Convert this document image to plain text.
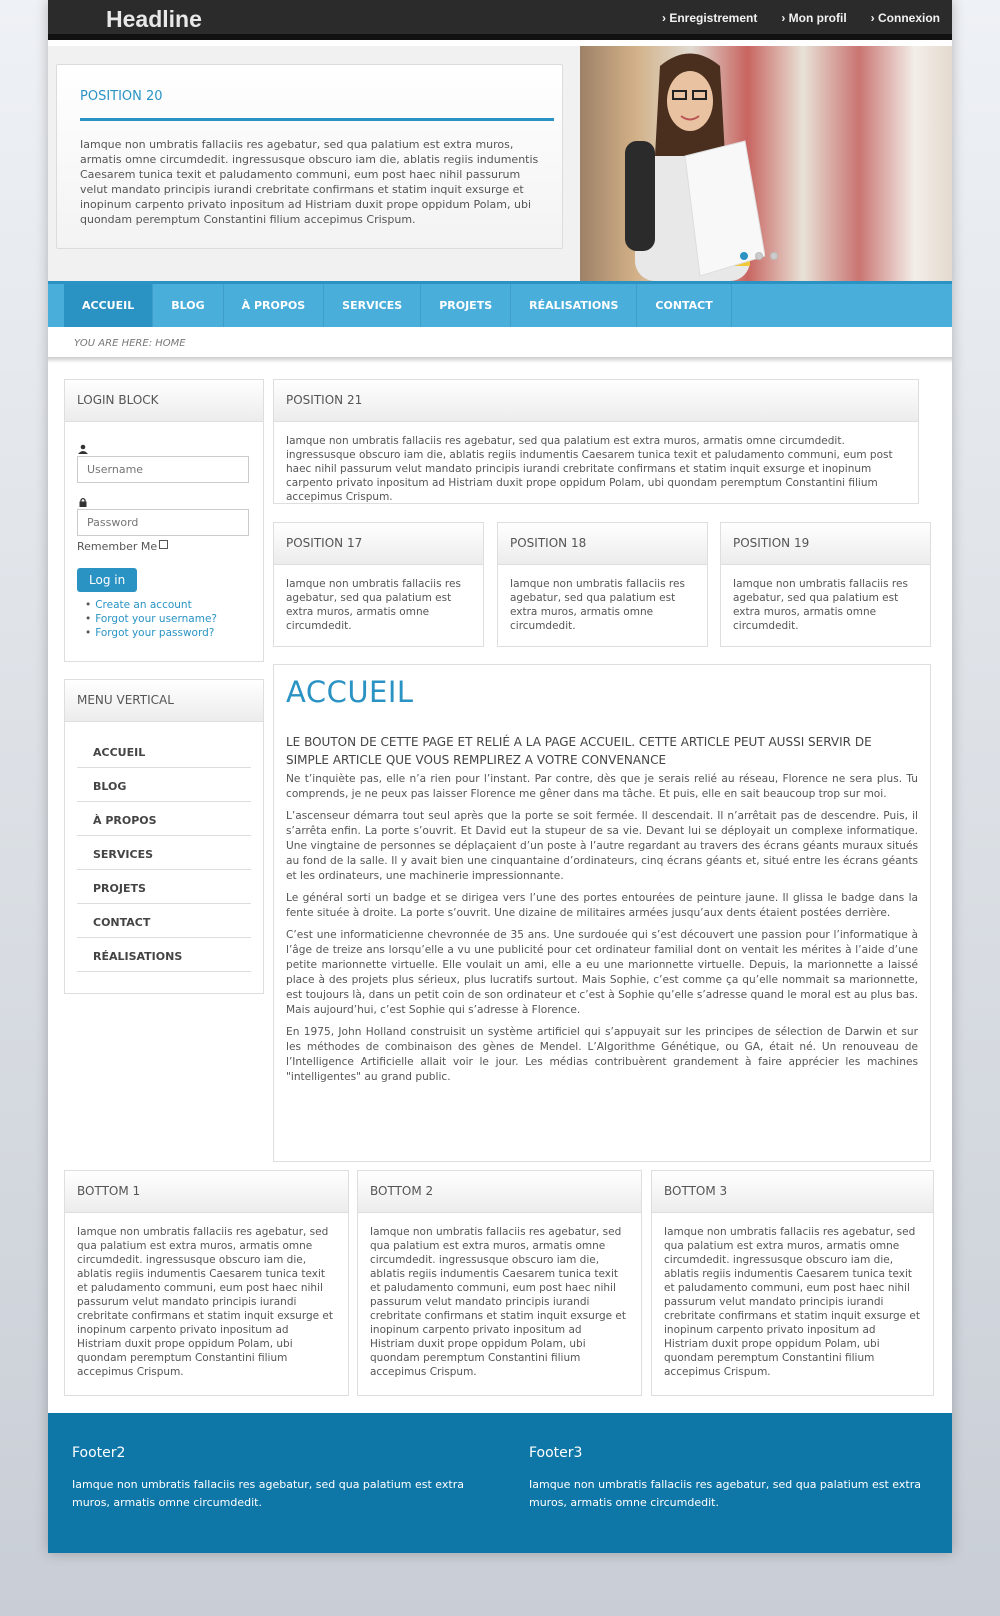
Headline	› Enregistrement › Mon profil › Connexion
POSITION 20

Iamque non umbratis fallaciis res agebatur, sed qua palatium est extra muros, armatis omne circumdedit. ingressusque obscuro iam die, ablatis regiis indumentis Caesarem tunica texit et paludamento communi, eum post haec nihil passurum velut mandato principis iurandi crebritate confirmans et statim inquit exsurge et inopinum carpento privato inpositum ad Histriam duxit prope oppidum Polam, ubi quondam peremptum Constantini filium accepimus Crispum.

ACCUEIL	BLOG	À PROPOS	SERVICES	PROJETS	RÉALISATIONS	CONTACT
YOU ARE HERE: HOME
LOGIN BLOCK
Username
Password
Remember Me
Log in
• Create an account
• Forgot your username?
• Forgot your password?
MENU VERTICAL
ACCUEIL
BLOG
À PROPOS
SERVICES
PROJETS
CONTACT
RÉALISATIONS
POSITION 21
Iamque non umbratis fallaciis res agebatur, sed qua palatium est extra muros, armatis omne circumdedit. ingressusque obscuro iam die, ablatis regiis indumentis Caesarem tunica texit et paludamento communi, eum post haec nihil passurum velut mandato principis iurandi crebritate confirmans et statim inquit exsurge et inopinum carpento privato inpositum ad Histriam duxit prope oppidum Polam, ubi quondam peremptum Constantini filium accepimus Crispum.
POSITION 17
Iamque non umbratis fallaciis res agebatur, sed qua palatium est extra muros, armatis omne circumdedit.
POSITION 18
Iamque non umbratis fallaciis res agebatur, sed qua palatium est extra muros, armatis omne circumdedit.
POSITION 19
Iamque non umbratis fallaciis res agebatur, sed qua palatium est extra muros, armatis omne circumdedit.
ACCUEIL
LE BOUTON DE CETTE PAGE ET RELIÉ A LA PAGE ACCUEIL. CETTE ARTICLE PEUT AUSSI SERVIR DE SIMPLE ARTICLE QUE VOUS REMPLIREZ A VOTRE CONVENANCE

Ne t’inquiète pas, elle n’a rien pour l’instant. Par contre, dès que je serais relié au réseau, Florence ne sera plus. Tu comprends, je ne peux pas laisser Florence me gêner dans ma tâche. Et puis, elle en sait beaucoup trop sur moi.

L’ascenseur démarra tout seul après que la porte se soit fermée. Il descendait. Il n’arrêtait pas de descendre. Puis, il s’arrêta enfin. La porte s’ouvrit. Et David eut la stupeur de sa vie. Devant lui se déployait un complexe informatique. Une vingtaine de personnes se déplaçaient d’un poste à l’autre regardant au travers des écrans géants muraux situés au fond de la salle. Il y avait bien une cinquantaine d’ordinateurs, cinq écrans géants et, situé entre les écrans géants et les ordinateurs, une machinerie impressionnante.

Le général sorti un badge et se dirigea vers l’une des portes entourées de peinture jaune. Il glissa le badge dans la fente située à droite. La porte s’ouvrit. Une dizaine de militaires armées jusqu’aux dents étaient postées derrière.

C’est une informaticienne chevronnée de 35 ans. Une surdouée qui s’est découvert une passion pour l’informatique à l’âge de treize ans lorsqu’elle a vu une publicité pour cet ordinateur familial dont on ventait les mérites à l’aide d’une petite marionnette virtuelle. Elle voulait un ami, elle a eu une marionnette virtuelle. Depuis, la marionnette a laissé place à des projets plus sérieux, plus lucratifs surtout. Mais Sophie, c’est comme ça qu’elle nommait sa marionnette, est toujours là, dans un petit coin de son ordinateur et c’est à Sophie qu’elle s’adresse quand le moral est au plus bas. Mais aujourd’hui, c’est Sophie qui s’adresse à Florence.

En 1975, John Holland construisit un système artificiel qui s’appuyait sur les principes de sélection de Darwin et sur les méthodes de combinaison des gènes de Mendel. L’Algorithme Génétique, ou GA, était né. Un renouveau de l’Intelligence Artificielle allait voir le jour. Les médias contribuèrent grandement à faire apprécier les machines "intelligentes" au grand public.

BOTTOM 1
Iamque non umbratis fallaciis res agebatur, sed qua palatium est extra muros, armatis omne circumdedit. ingressusque obscuro iam die, ablatis regiis indumentis Caesarem tunica texit et paludamento communi, eum post haec nihil passurum velut mandato principis iurandi crebritate confirmans et statim inquit exsurge et inopinum carpento privato inpositum ad Histriam duxit prope oppidum Polam, ubi quondam peremptum Constantini filium accepimus Crispum.
BOTTOM 2
Iamque non umbratis fallaciis res agebatur, sed qua palatium est extra muros, armatis omne circumdedit. ingressusque obscuro iam die, ablatis regiis indumentis Caesarem tunica texit et paludamento communi, eum post haec nihil passurum velut mandato principis iurandi crebritate confirmans et statim inquit exsurge et inopinum carpento privato inpositum ad Histriam duxit prope oppidum Polam, ubi quondam peremptum Constantini filium accepimus Crispum.
BOTTOM 3
Iamque non umbratis fallaciis res agebatur, sed qua palatium est extra muros, armatis omne circumdedit. ingressusque obscuro iam die, ablatis regiis indumentis Caesarem tunica texit et paludamento communi, eum post haec nihil passurum velut mandato principis iurandi crebritate confirmans et statim inquit exsurge et inopinum carpento privato inpositum ad Histriam duxit prope oppidum Polam, ubi quondam peremptum Constantini filium accepimus Crispum.
Footer2

Iamque non umbratis fallaciis res agebatur, sed qua palatium est extra muros, armatis omne circumdedit.

Footer3

Iamque non umbratis fallaciis res agebatur, sed qua palatium est extra muros, armatis omne circumdedit.
